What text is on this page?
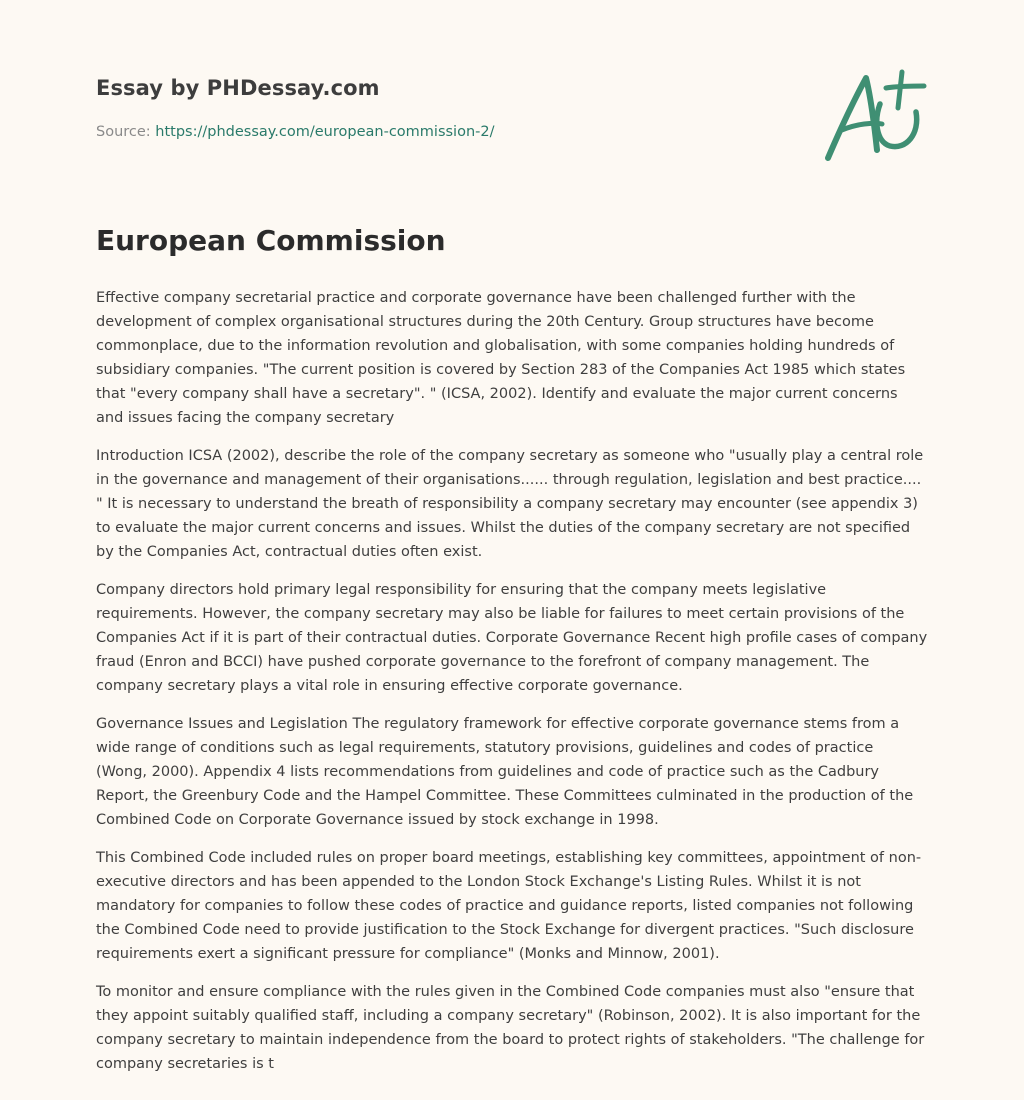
Essay by PHDessay.com
Source: https://phdessay.com/european-commission-2/
European Commission

Effective company secretarial practice and corporate governance have been challenged further with the development of complex organisational structures during the 20th Century. Group structures have become commonplace, due to the information revolution and globalisation, with some companies holding hundreds of subsidiary companies. "The current position is covered by Section 283 of the Companies Act 1985 which states that "every company shall have a secretary". " (ICSA, 2002). Identify and evaluate the major current concerns and issues facing the company secretary

Introduction ICSA (2002), describe the role of the company secretary as someone who "usually play a central role in the governance and management of their organisations...... through regulation, legislation and best practice.... " It is necessary to understand the breath of responsibility a company secretary may encounter (see appendix 3) to evaluate the major current concerns and issues. Whilst the duties of the company secretary are not specified by the Companies Act, contractual duties often exist.

Company directors hold primary legal responsibility for ensuring that the company meets legislative requirements. However, the company secretary may also be liable for failures to meet certain provisions of the Companies Act if it is part of their contractual duties. Corporate Governance Recent high profile cases of company fraud (Enron and BCCI) have pushed corporate governance to the forefront of company management. The company secretary plays a vital role in ensuring effective corporate governance.

Governance Issues and Legislation The regulatory framework for effective corporate governance stems from a wide range of conditions such as legal requirements, statutory provisions, guidelines and codes of practice (Wong, 2000). Appendix 4 lists recommendations from guidelines and code of practice such as the Cadbury Report, the Greenbury Code and the Hampel Committee. These Committees culminated in the production of the Combined Code on Corporate Governance issued by stock exchange in 1998.

This Combined Code included rules on proper board meetings, establishing key committees, appointment of non-executive directors and has been appended to the London Stock Exchange's Listing Rules. Whilst it is not mandatory for companies to follow these codes of practice and guidance reports, listed companies not following the Combined Code need to provide justification to the Stock Exchange for divergent practices. "Such disclosure requirements exert a significant pressure for compliance" (Monks and Minnow, 2001).

To monitor and ensure compliance with the rules given in the Combined Code companies must also "ensure that they appoint suitably qualified staff, including a company secretary" (Robinson, 2002). It is also important for the company secretary to maintain independence from the board to protect rights of stakeholders. "The challenge for company secretaries is t
